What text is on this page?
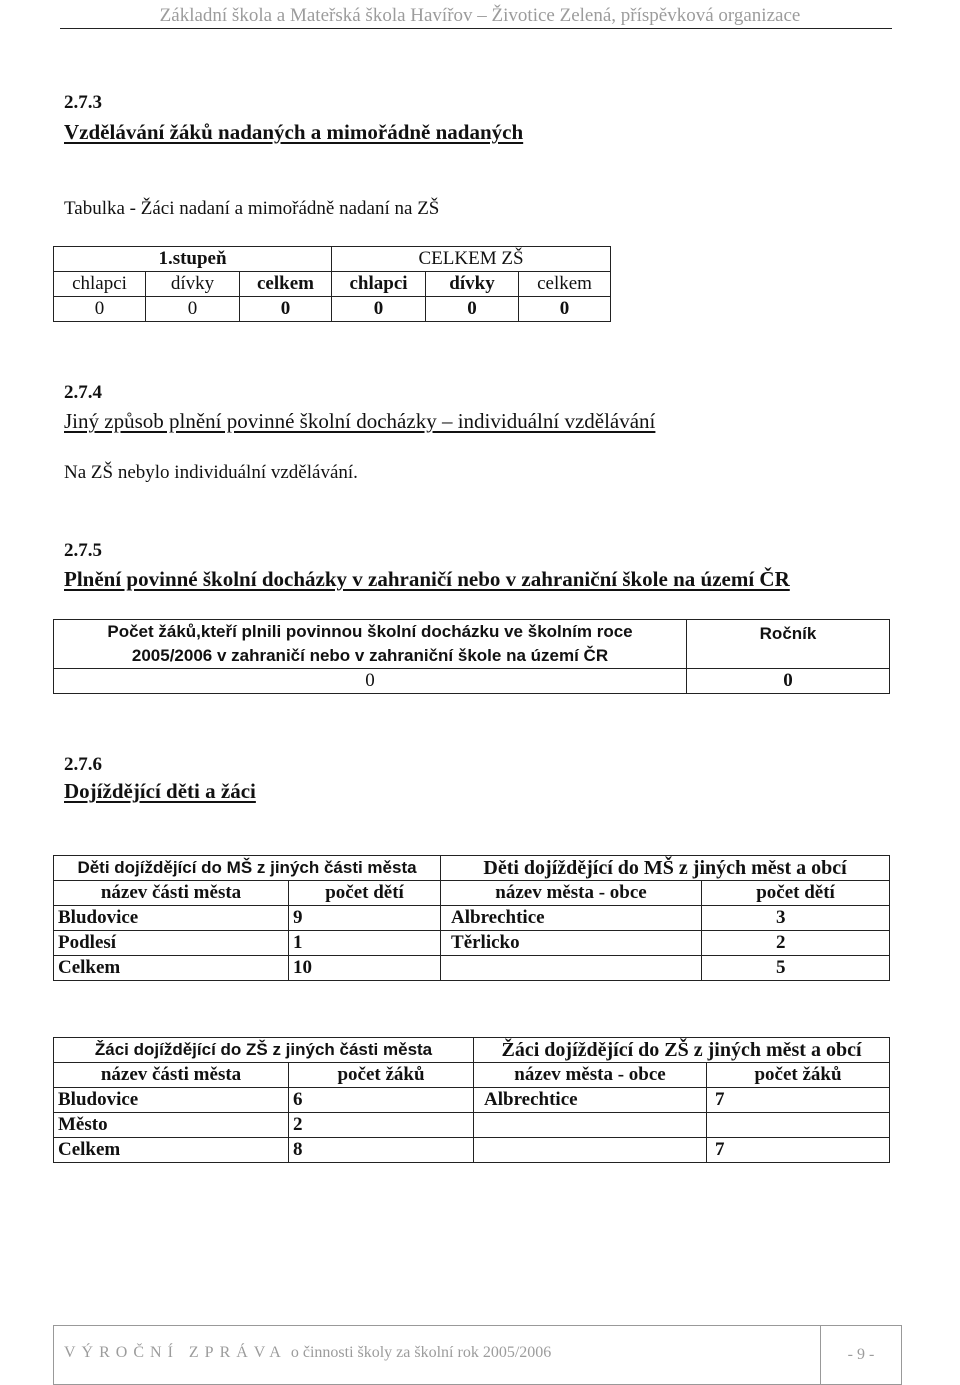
Základní škola a Mateřská škola Havířov – Životice Zelená, příspěvková organizace
2.7.3
Vzdělávání žáků nadaných a mimořádně nadaných
Tabulka - Žáci nadaní a mimořádně nadaní na ZŠ
1.stupeň			CELKEM ZŠ		
chlapci	dívky	celkem	chlapci	dívky	celkem
0	0	0	0	0	0
2.7.4
Jiný způsob plnění povinné školní docházky – individuální vzdělávání
Na ZŠ nebylo individuální vzdělávání.
2.7.5
Plnění povinné školní docházky v zahraničí nebo v zahraniční škole na území ČR
Počet žáků,kteří plnili povinnou školní docházku ve školním roce
2005/2006 v zahraničí nebo v zahraniční škole na území ČR	Ročník
0	0
2.7.6
Dojíždějící děti a žáci
Děti dojíždějící do MŠ z jiných části města		Děti dojíždějící do MŠ z jiných měst a obcí	
název části města	počet dětí	název města - obce	počet dětí
Bludovice	9	Albrechtice	3
Podlesí	1	Těrlicko	2
Celkem	10		5
Žáci dojíždějící do ZŠ z jiných části města		Žáci dojíždějící do ZŠ z jiných měst a obcí	
název části města	počet žáků	název města - obce	počet žáků
Bludovice	6	Albrechtice	7
Město	2		
Celkem	8		7
VÝROČNÍ ZPRÁVA o činnosti školy za školní rok 2005/2006	- 9 -
